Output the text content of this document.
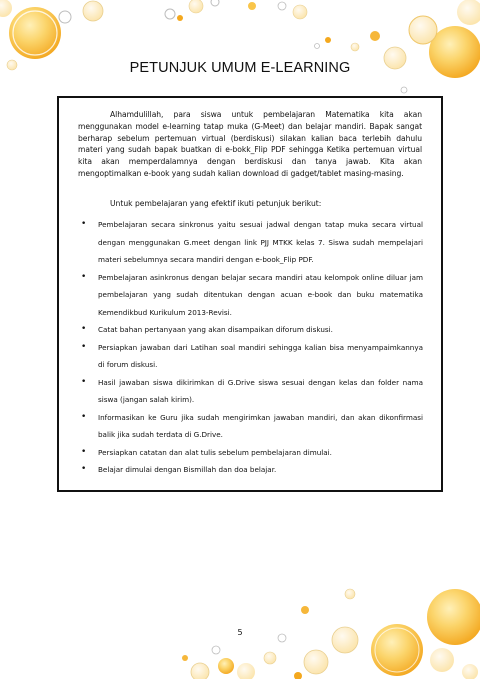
PETUNJUK UMUM E-LEARNING

Alhamdulillah, para siswa untuk pembelajaran Matematika kita akan menggunakan model e-learning tatap muka (G-Meet) dan belajar mandiri. Bapak sangat berharap sebelum pertemuan virtual (berdiskusi) silakan kalian baca terlebih dahulu materi yang sudah bapak buatkan di e-bokk_Flip PDF sehingga Ketika pertemuan virtual kita akan memperdalamnya dengan berdiskusi dan tanya jawab. Kita akan mengoptimalkan e-book yang sudah kalian download di gadget/tablet masing-masing.

Untuk pembelajaran yang efektif ikuti petunjuk berikut:

• Pembelajaran secara sinkronus yaitu sesuai jadwal dengan tatap muka secara virtual dengan menggunakan G.meet dengan link PJJ MTKK kelas 7. Siswa sudah mempelajari materi sebelumnya secara mandiri dengan e-book_Flip PDF.
• Pembelajaran asinkronus dengan belajar secara mandiri atau kelompok online diluar jam pembelajaran yang sudah ditentukan dengan acuan e-book dan buku matematika Kemendikbud Kurikulum 2013-Revisi.
• Catat bahan pertanyaan yang akan disampaikan diforum diskusi.
• Persiapkan jawaban dari Latihan soal mandiri sehingga kalian bisa menyampaimkannya di forum diskusi.
• Hasil jawaban siswa dikirimkan di G.Drive siswa sesuai dengan kelas dan folder nama siswa (jangan salah kirim).
• Informasikan ke Guru jika sudah mengirimkan jawaban mandiri, dan akan dikonfirmasi balik jika sudah terdata di G.Drive.
• Persiapkan catatan dan alat tulis sebelum pembelajaran dimulai.
• Belajar dimulai dengan Bismillah dan doa belajar.
5
